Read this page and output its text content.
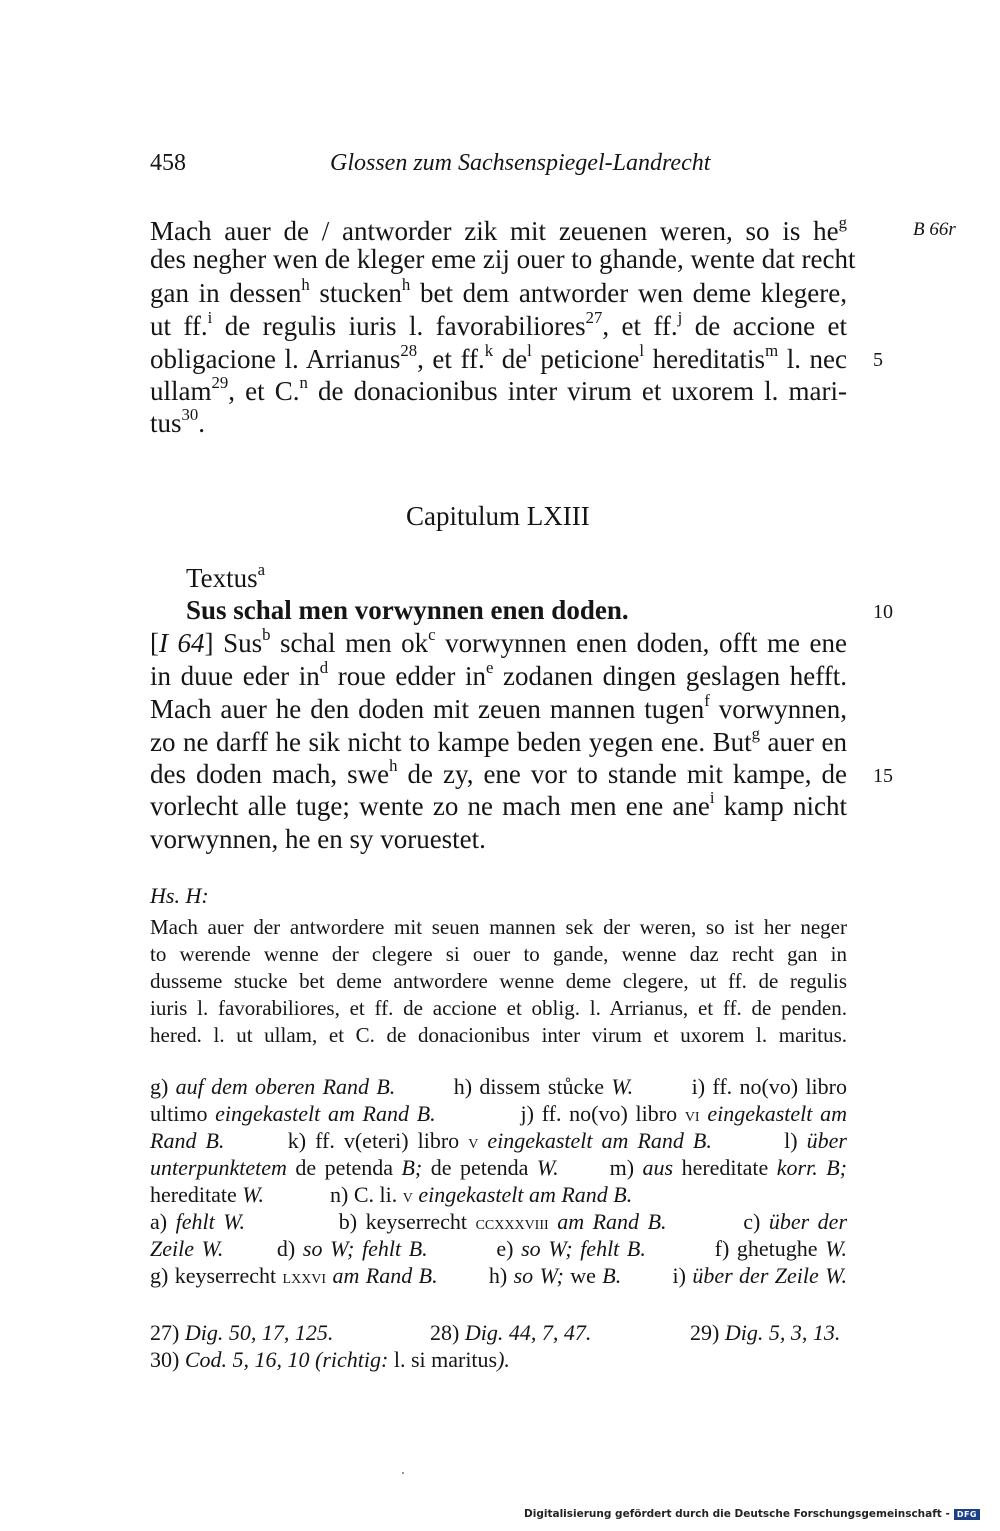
458	Glossen zum Sachsenspiegel-Landrecht
Mach auer de / antworder zik mit zeuenen weren, so is $he^g$	B 66r
des negher wen de kleger eme zij ouer to ghande, wente dat recht
gan in dessen$^h$ stucken$^h$ bet dem antworder wen deme klegere,
ut ff.$^i$ de regulis iuris l. favorabiliores$^{27}$, et ff.$^j$ de accione et
obligacione l. Arrianus$^{28}$, et ff.$^k$ $de^l$ peticione$^l$ hereditatis$^m$ l. nec 5
ullam$^{29}$, et C.$^n$ de donacionibus inter virum et uxorem l. mari-
tus$^{30}$.
Capitulum LXIII
Textus$^a$
Sus schal men vorwynnen enen doden.	10
[I 64] Sus$^b$ schal men $ok^c$ vorwynnen enen doden, offt me ene
in duue eder $in^d$ roue edder $in^e$ zodanen dingen geslagen hefft.
Mach auer he den doden mit zeuen mannen tugen$^f$ vorwynnen,
zo ne darff he sik nicht to kampe beden yegen ene. But$^g$ auer en
des doden mach, swe$^h$ de zy, ene vor to stande mit kampe, de 15
vorlecht alle tuge; wente zo ne mach men ene ane$^i$ kamp nicht
vorwynnen, he en sy voruestet.
Hs. H:
Mach auer der antwordere mit seuen mannen sek der weren, so ist her neger
to werende wenne der clegere si ouer to gande, wenne daz recht gan in
dusseme stucke bet deme antwordere wenne deme clegere, ut ff. de regulis
iuris l. favorabiliores, et ff. de accione et oblig. l. Arrianus, et ff. de penden.
hered. l. ut ullam, et C. de donacionibus inter virum et uxorem l. maritus.
g) auf dem oberen Rand B.        h) dissem stůcke W.        i) ff. no(vo) libro
ultimo eingekastelt am Rand B.           j) ff. no(vo) libro vi eingekastelt am
Rand B.       k) ff. v(eteri) libro v eingekastelt am Rand B.        l) über
unterpunktetem de petenda B; de petenda W.      m) aus hereditate korr. B;
hereditate W.            n) C. li. v eingekastelt am Rand B.
a) fehlt W.           b) keyserrecht ccxxxviii am Rand B.         c) über der
Zeile W.       d) so W; fehlt B.         e) so W; fehlt B.         f) ghetughe W.
g) keyserrecht lxxvi am Rand B.        h) so W; we B.        i) über der Zeile W.
27) Dig. 50, 17, 125.	28) Dig. 44, 7, 47.	29) Dig. 5, 3, 13.
30) Cod. 5, 16, 10 (richtig: l. si maritus).
Digitalisierung gefördert durch die Deutsche Forschungsgemeinschaft - DFG
